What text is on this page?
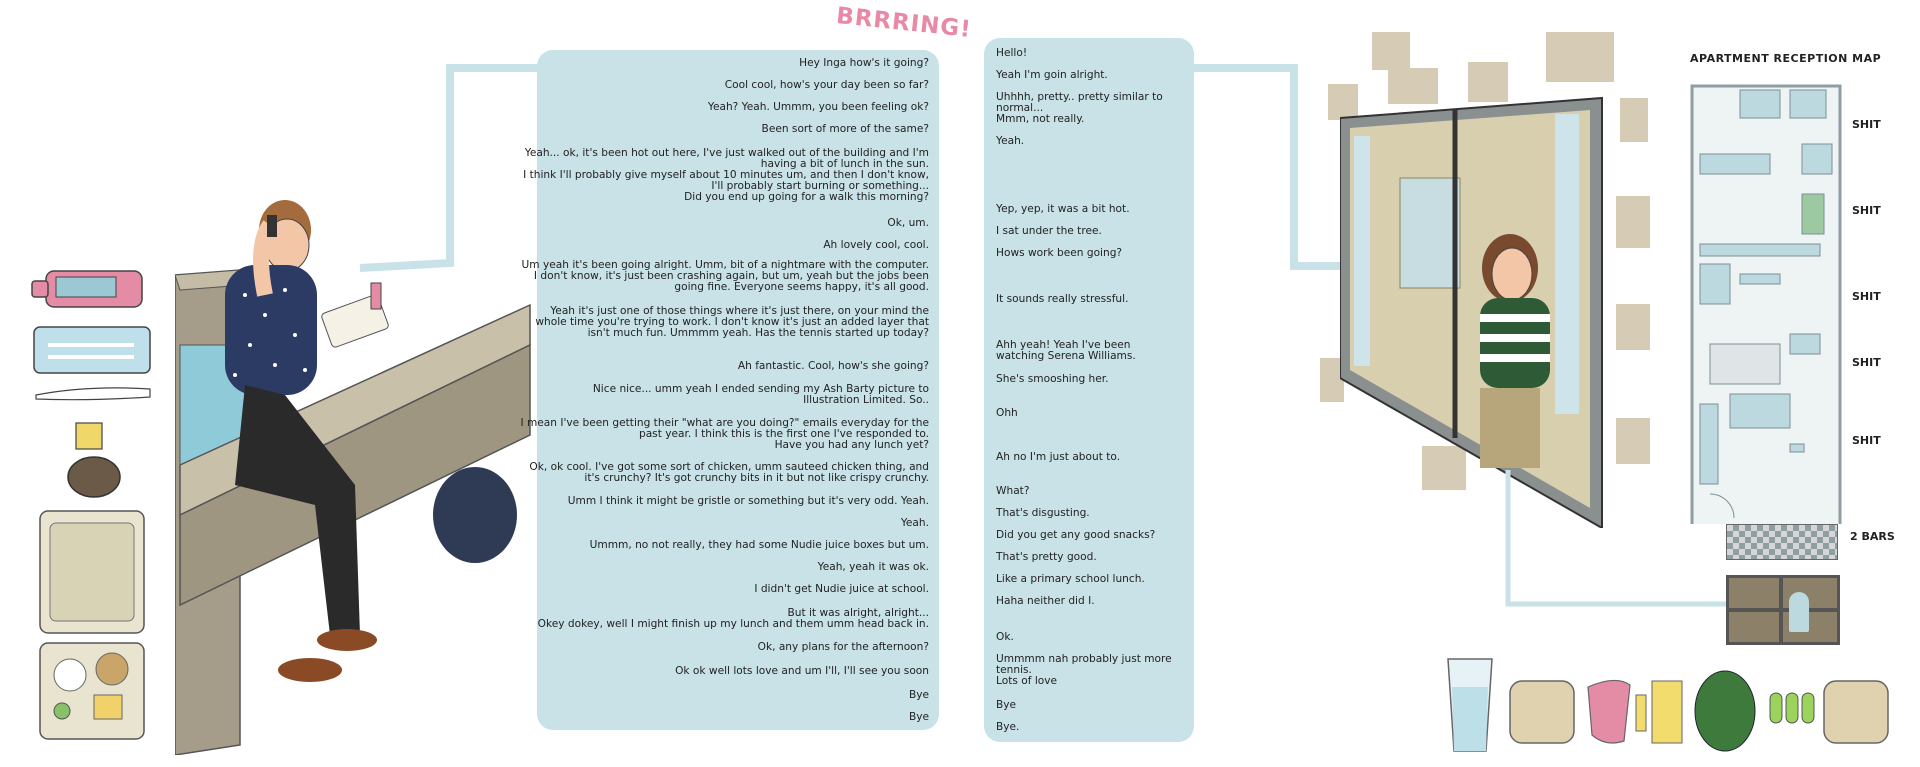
BRRRING!

Hey Inga how's it going?

Cool cool, how's your day been so far?

Yeah? Yeah. Ummm, you been feeling ok?

Been sort of more of the same?

Yeah... ok, it's been hot out here, I've just walked out of the building and I'm
having a bit of lunch in the sun.
I think I'll probably give myself about 10 minutes um, and then I don't know,
I'll probably start burning or something...
Did you end up going for a walk this morning?

Ok, um.

Ah lovely cool, cool.

Um yeah it's been going alright. Umm, bit of a nightmare with the computer.
I don't know, it's just been crashing again, but um, yeah but the jobs been
going fine. Everyone seems happy, it's all good.

Yeah it's just one of those things where it's just there, on your mind the
whole time you're trying to work. I don't know it's just an added layer that
isn't much fun. Ummmm yeah. Has the tennis started up today?

Ah fantastic. Cool, how's she going?

Nice nice... umm yeah I ended sending my Ash Barty picture to
Illustration Limited. So..

I mean I've been getting their "what are you doing?" emails everyday for the
past year. I think this is the first one I've responded to.
Have you had any lunch yet?

Ok, ok cool. I've got some sort of chicken, umm sauteed chicken thing, and
it's crunchy? It's got crunchy bits in it but not like crispy crunchy.

Umm I think it might be gristle or something but it's very odd. Yeah.

Yeah.

Ummm, no not really, they had some Nudie juice boxes but um.

Yeah, yeah it was ok.

I didn't get Nudie juice at school.

But it was alright, alright...
Okey dokey, well I might finish up my lunch and them umm head back in.

Ok, any plans for the afternoon?

Ok ok well lots love and um I'll, I'll see you soon

Bye

Bye

Hello!

Yeah I'm goin alright.

Uhhhh, pretty.. pretty similar to normal...

Mmm, not really.

Yeah.

Yep, yep, it was a bit hot.

I sat under the tree.

Hows work been going?

It sounds really stressful.

Ahh yeah! Yeah I've been
watching Serena Williams.

She's smooshing her.

Ohh

Ah no I'm just about to.

What?

That's disgusting.

Did you get any good snacks?

That's pretty good.

Like a primary school lunch.

Haha neither did I.

Ok.

Ummmm nah probably just more tennis.

Lots of love

Bye

Bye.

APARTMENT RECEPTION MAP
SHIT
SHIT
SHIT
SHIT
SHIT
2 BARS
